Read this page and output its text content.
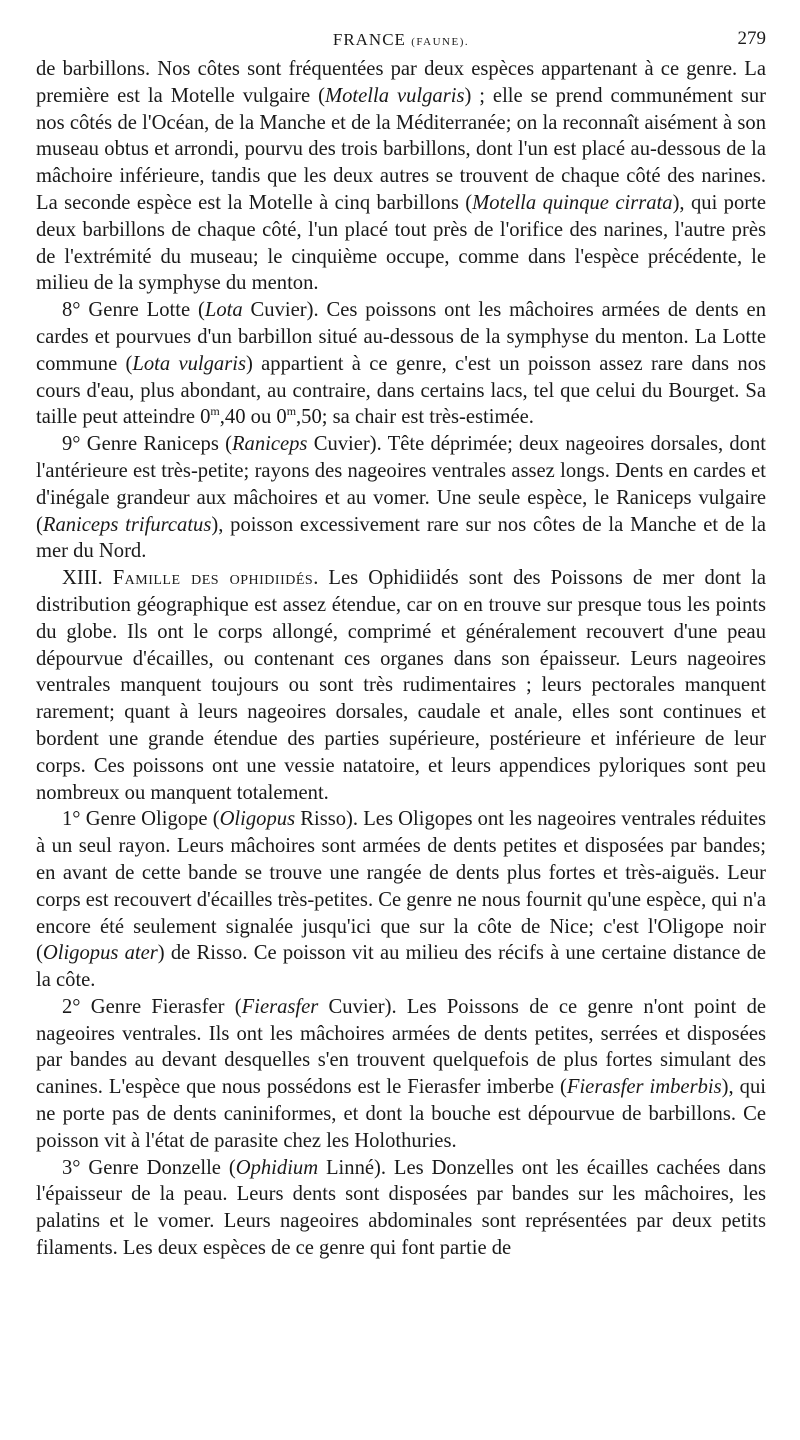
FRANCE (FAUNE).	279

de barbillons. Nos côtes sont fréquentées par deux espèces appartenant à ce genre. La première est la Motelle vulgaire (Motella vulgaris) ; elle se prend communément sur nos côtés de l'Océan, de la Manche et de la Méditerranée; on la reconnaît aisément à son museau obtus et arrondi, pourvu des trois barbillons, dont l'un est placé au-dessous de la mâchoire inférieure, tandis que les deux autres se trouvent de chaque côté des narines. La seconde espèce est la Motelle à cinq barbillons (Motella quinque cirrata), qui porte deux barbillons de chaque côté, l'un placé tout près de l'orifice des narines, l'autre près de l'extrémité du museau; le cinquième occupe, comme dans l'espèce précédente, le milieu de la symphyse du menton.

8° Genre Lotte (Lota Cuvier). Ces poissons ont les mâchoires armées de dents en cardes et pourvues d'un barbillon situé au-dessous de la symphyse du menton. La Lotte commune (Lota vulgaris) appartient à ce genre, c'est un poisson assez rare dans nos cours d'eau, plus abondant, au contraire, dans certains lacs, tel que celui du Bourget. Sa taille peut atteindre 0$^m$,40 ou 0$^m$,50; sa chair est très-estimée.

9° Genre Raniceps (Raniceps Cuvier). Tête déprimée; deux nageoires dorsales, dont l'antérieure est très-petite; rayons des nageoires ventrales assez longs. Dents en cardes et d'inégale grandeur aux mâchoires et au vomer. Une seule espèce, le Raniceps vulgaire (Raniceps trifurcatus), poisson excessivement rare sur nos côtes de la Manche et de la mer du Nord.

XIII. Famille des ophidiidés. Les Ophidiidés sont des Poissons de mer dont la distribution géographique est assez étendue, car on en trouve sur presque tous les points du globe. Ils ont le corps allongé, comprimé et généralement recouvert d'une peau dépourvue d'écailles, ou contenant ces organes dans son épaisseur. Leurs nageoires ventrales manquent toujours ou sont très rudimentaires ; leurs pectorales manquent rarement; quant à leurs nageoires dorsales, caudale et anale, elles sont continues et bordent une grande étendue des parties supérieure, postérieure et inférieure de leur corps. Ces poissons ont une vessie natatoire, et leurs appendices pyloriques sont peu nombreux ou manquent totalement.

1° Genre Oligope (Oligopus Risso). Les Oligopes ont les nageoires ventrales réduites à un seul rayon. Leurs mâchoires sont armées de dents petites et disposées par bandes; en avant de cette bande se trouve une rangée de dents plus fortes et très-aiguës. Leur corps est recouvert d'écailles très-petites. Ce genre ne nous fournit qu'une espèce, qui n'a encore été seulement signalée jusqu'ici que sur la côte de Nice; c'est l'Oligope noir (Oligopus ater) de Risso. Ce poisson vit au milieu des récifs à une certaine distance de la côte.

2° Genre Fierasfer (Fierasfer Cuvier). Les Poissons de ce genre n'ont point de nageoires ventrales. Ils ont les mâchoires armées de dents petites, serrées et disposées par bandes au devant desquelles s'en trouvent quelquefois de plus fortes simulant des canines. L'espèce que nous possédons est le Fierasfer imberbe (Fierasfer imberbis), qui ne porte pas de dents caniniformes, et dont la bouche est dépourvue de barbillons. Ce poisson vit à l'état de parasite chez les Holothuries.

3° Genre Donzelle (Ophidium Linné). Les Donzelles ont les écailles cachées dans l'épaisseur de la peau. Leurs dents sont disposées par bandes sur les mâchoires, les palatins et le vomer. Leurs nageoires abdominales sont représentées par deux petits filaments. Les deux espèces de ce genre qui font partie de
